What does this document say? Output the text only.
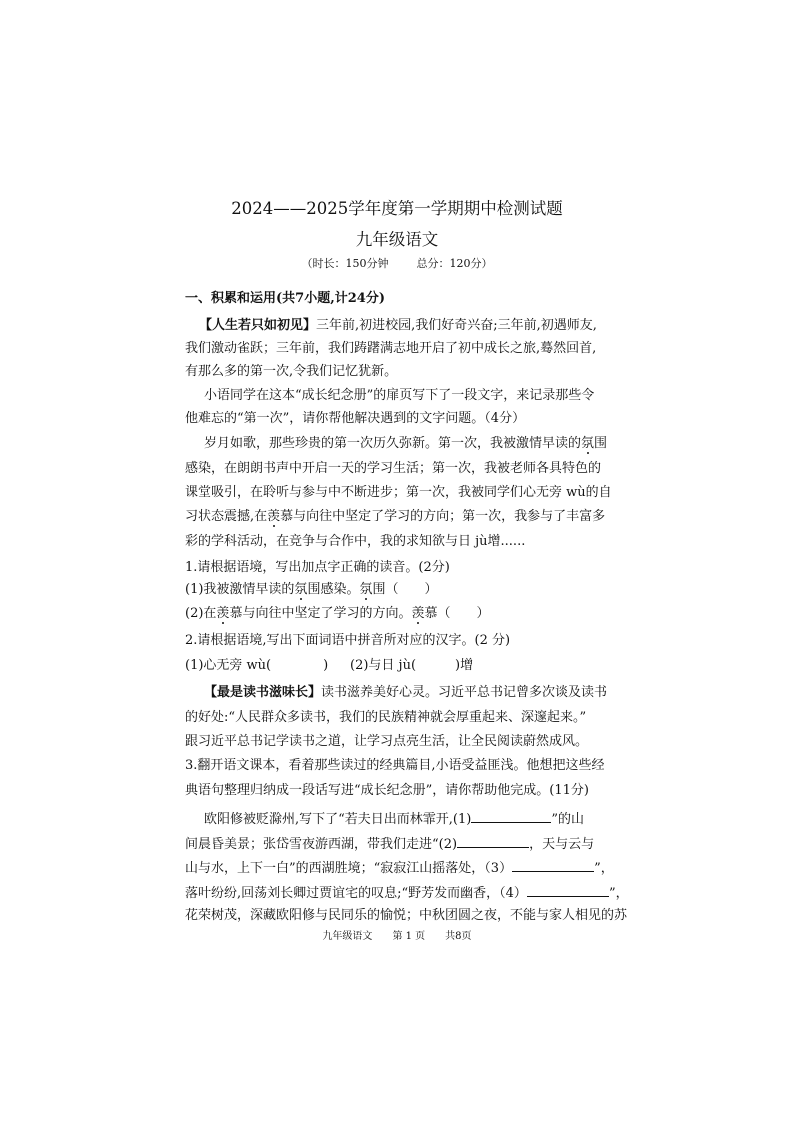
2024——2025学年度第一学期期中检测试题
九年级语文
（时长：150分钟	总分：120分）
一、积累和运用(共7小题,计24分)
【人生若只如初见】三年前,初进校园,我们好奇兴奋;三年前,初遇师友,
我们激动雀跃；三年前，我们踌躇满志地开启了初中成长之旅,蓦然回首,
有那么多的第一次,令我们记忆犹新。
小语同学在这本“成长纪念册”的扉页写下了一段文字，来记录那些令
他难忘的“第一次”，请你帮他解决遇到的文字问题。（4分）
岁月如歌，那些珍贵的第一次历久弥新。第一次，我被激情早读的氛围
感染，在朗朗书声中开启一天的学习生活；第一次，我被老师各具特色的
课堂吸引，在聆听与参与中不断进步；第一次，我被同学们心无旁 wù的自
习状态震撼,在羡慕与向往中坚定了学习的方向；第一次，我参与了丰富多
彩的学科活动，在竞争与合作中，我的求知欲与日 jù增......
1.请根据语境，写出加点字正确的读音。(2分)
(1)我被激情早读的氛围感染。氛围（　　）
(2)在羡慕与向往中坚定了学习的方向。羡慕（　　）
2.请根据语境,写出下面词语中拼音所对应的汉字。(2 分)
(1)心无旁 wù(　　　　) (2)与日 jù(　　　)增
【最是读书滋味长】读书滋养美好心灵。习近平总书记曾多次谈及读书
的好处:“人民群众多读书，我们的民族精神就会厚重起来、深邃起来。”
跟习近平总书记学读书之道，让学习点亮生活，让全民阅读蔚然成风。
3.翻开语文课本，看着那些读过的经典篇目,小语受益匪浅。他想把这些经
典语句整理归纳成一段话写进“成长纪念册”，请你帮助他完成。(11分)
欧阳修被贬滁州,写下了“若夫日出而林霏开,(1)	”的山
间晨昏美景；张岱雪夜游西湖，带我们走进“(2)	，天与云与
山与水，上下一白”的西湖胜境；“寂寂江山摇落处，（3）	”，
落叶纷纷,回荡刘长卿过贾谊宅的叹息;“野芳发而幽香，（4）	”，
花荣树茂，深藏欧阳修与民同乐的愉悦；中秋团圆之夜，不能与家人相见的苏
九年级语文 第 1 页 共8页
